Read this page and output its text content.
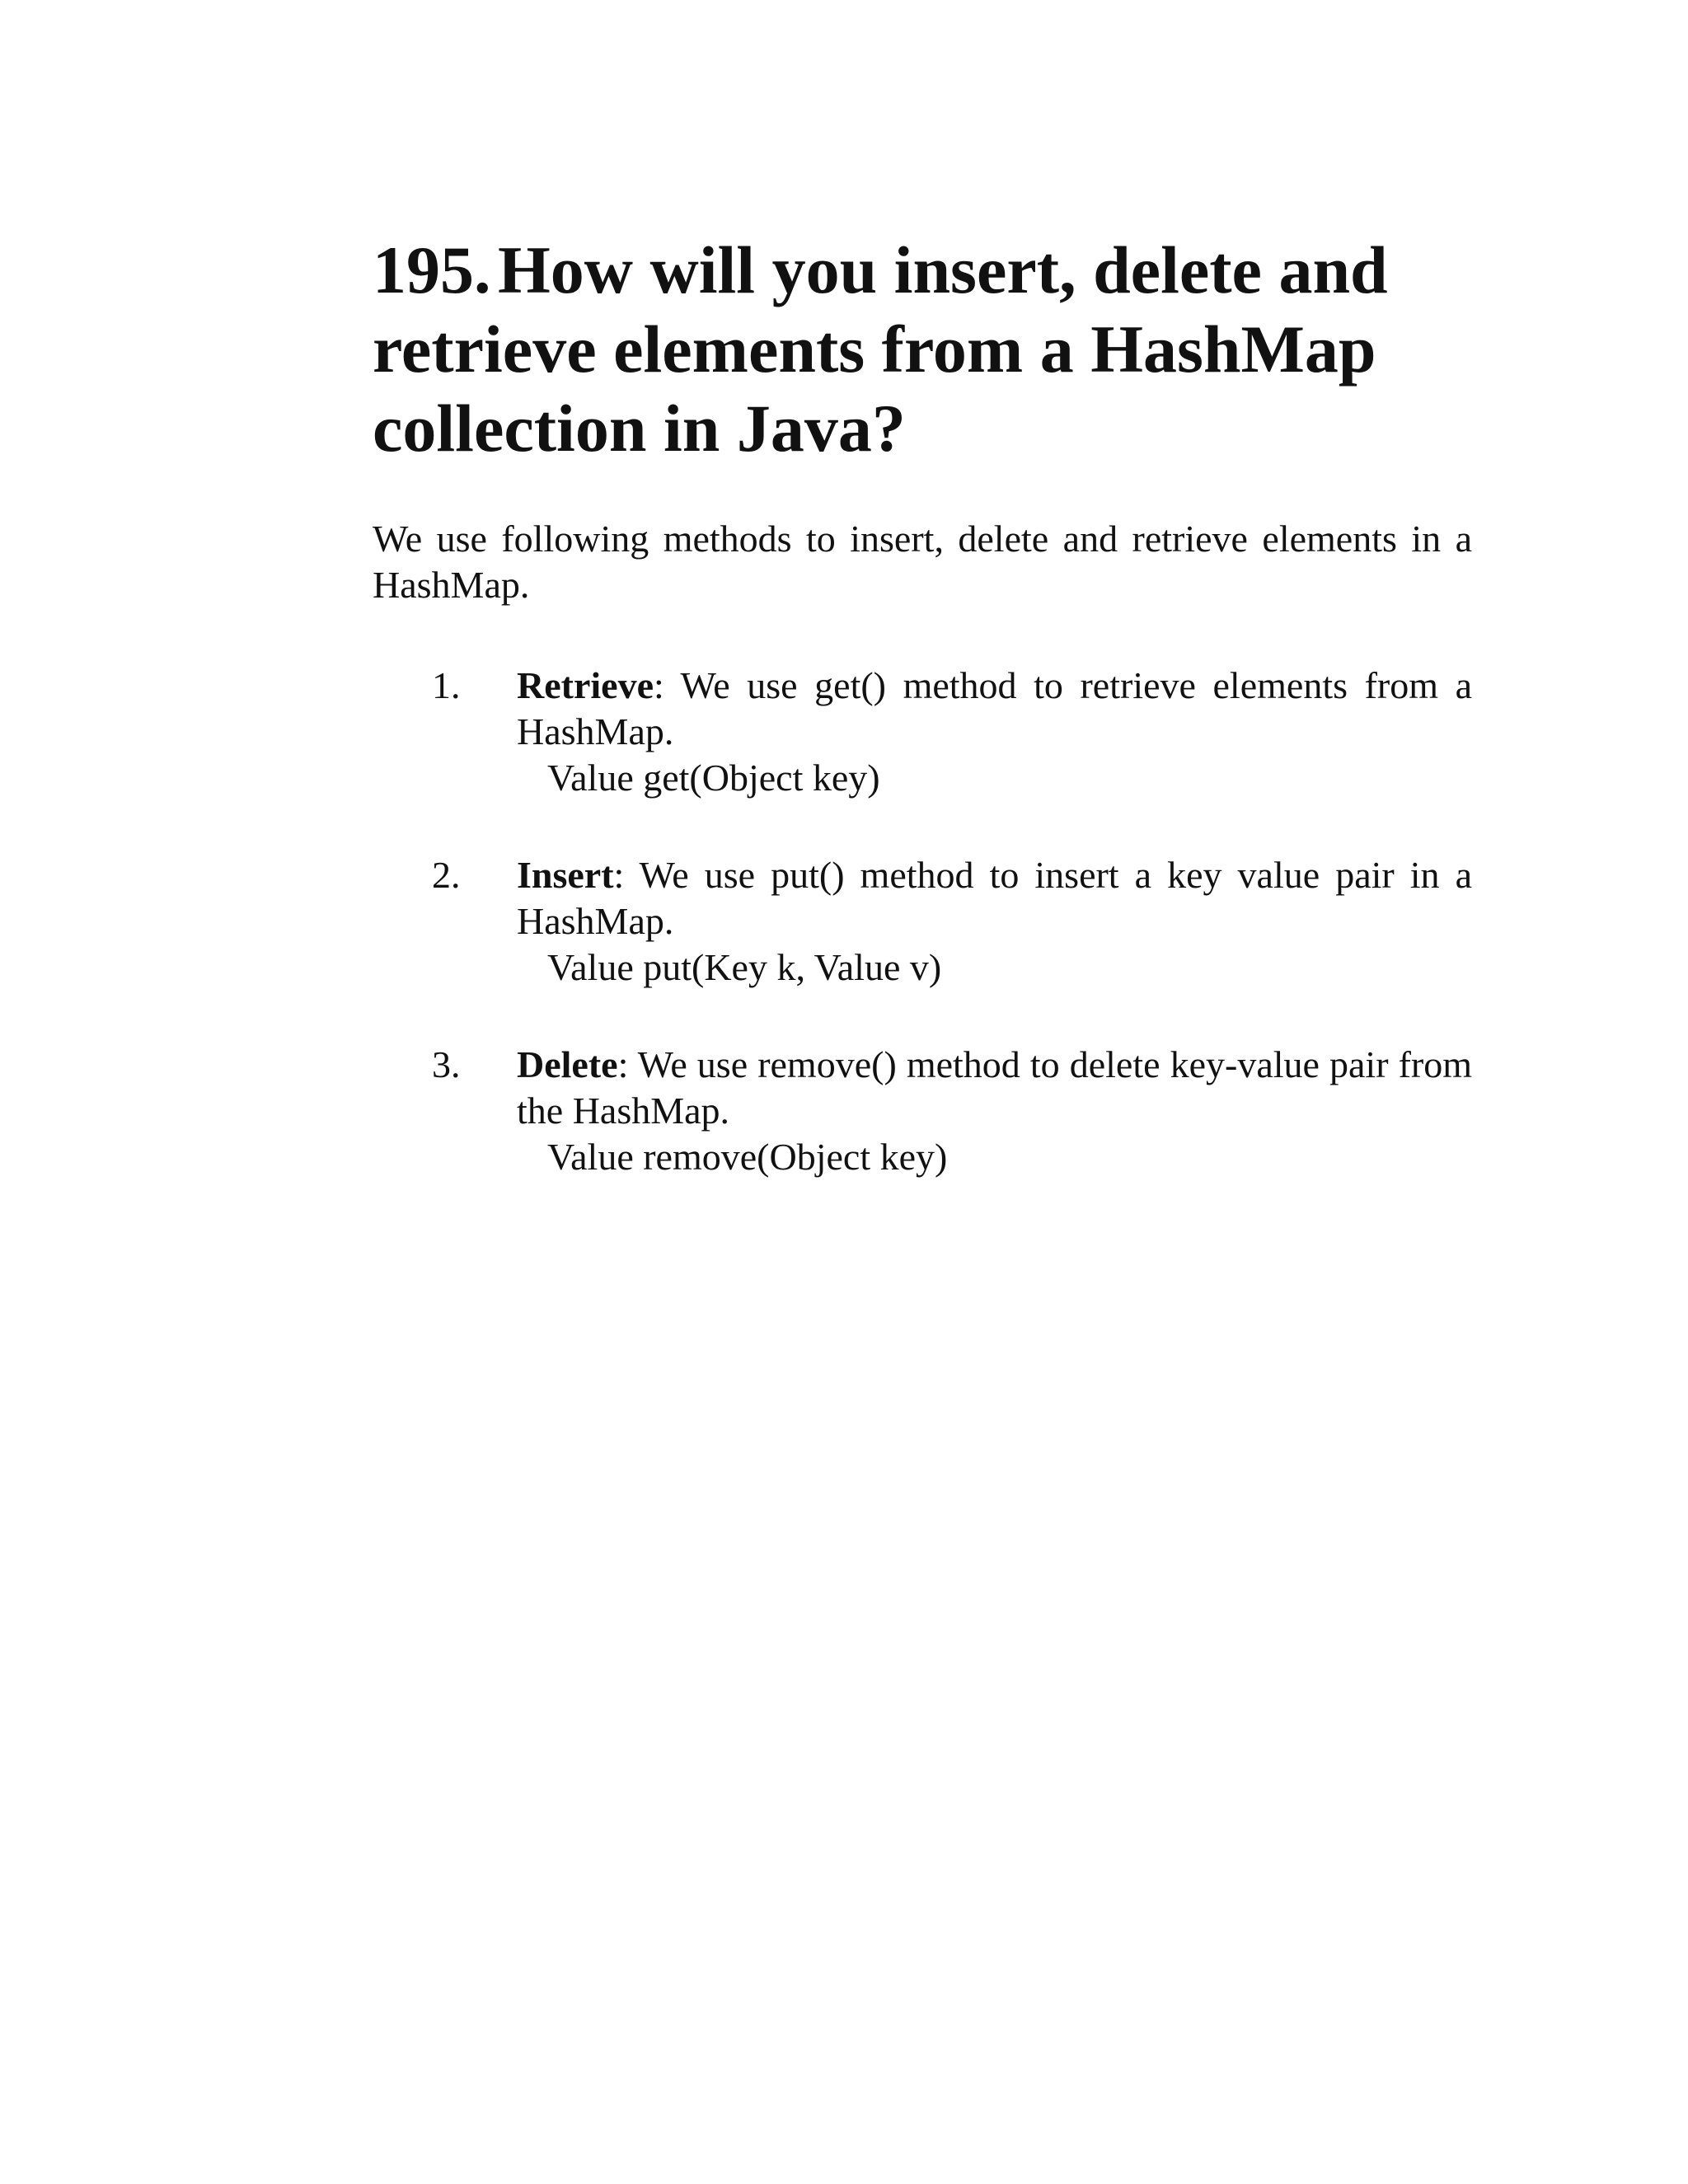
195. How will you insert, delete and retrieve elements from a HashMap collection in Java?

We use following methods to insert, delete and retrieve elements in a HashMap.

1. Retrieve: We use get() method to retrieve elements from a HashMap.
Value get(Object key)
2. Insert: We use put() method to insert a key value pair in a HashMap.
Value put(Key k, Value v)
3. Delete: We use remove() method to delete key-value pair from the HashMap.
Value remove(Object key)
